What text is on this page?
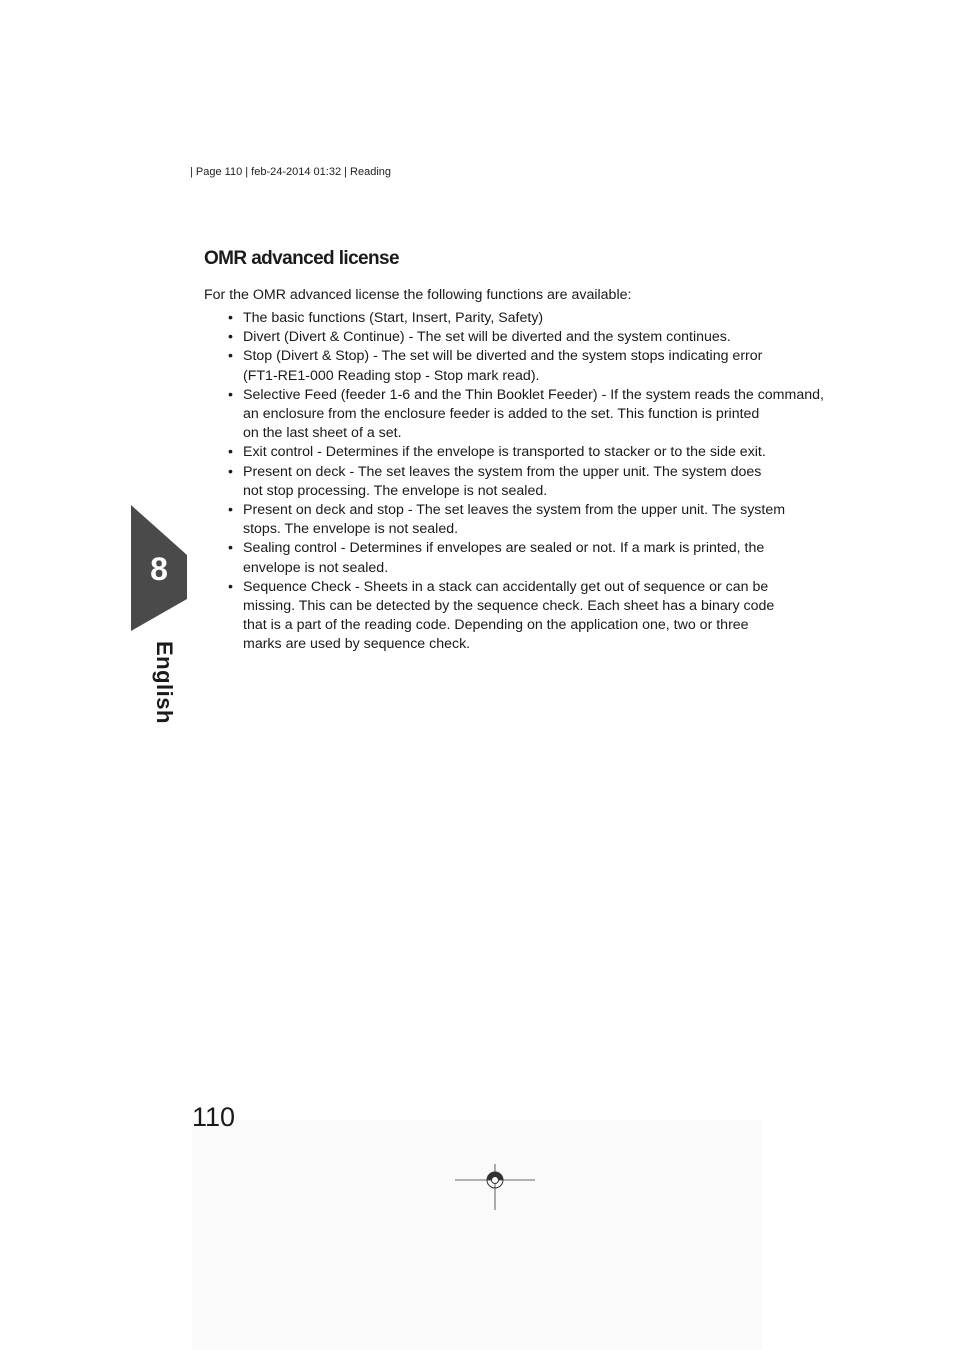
| Page 110 | feb-24-2014 01:32 | Reading
8
English
OMR advanced license

For the OMR advanced license the following functions are available:

• The basic functions (Start, Insert, Parity, Safety)
• Divert (Divert & Continue) - The set will be diverted and the system continues.
• Stop (Divert & Stop) - The set will be diverted and the system stops indicating error
(FT1-RE1-000 Reading stop - Stop mark read).
• Selective Feed (feeder 1-6 and the Thin Booklet Feeder) - If the system reads the command,
an enclosure from the enclosure feeder is added to the set. This function is printed
on the last sheet of a set.
• Exit control - Determines if the envelope is transported to stacker or to the side exit.
• Present on deck - The set leaves the system from the upper unit. The system does
not stop processing. The envelope is not sealed.
• Present on deck and stop - The set leaves the system from the upper unit. The system
stops. The envelope is not sealed.
• Sealing control - Determines if envelopes are sealed or not. If a mark is printed, the
envelope is not sealed.
• Sequence Check - Sheets in a stack can accidentally get out of sequence or can be
missing. This can be detected by the sequence check. Each sheet has a binary code
that is a part of the reading code. Depending on the application one, two or three
marks are used by sequence check.
110
